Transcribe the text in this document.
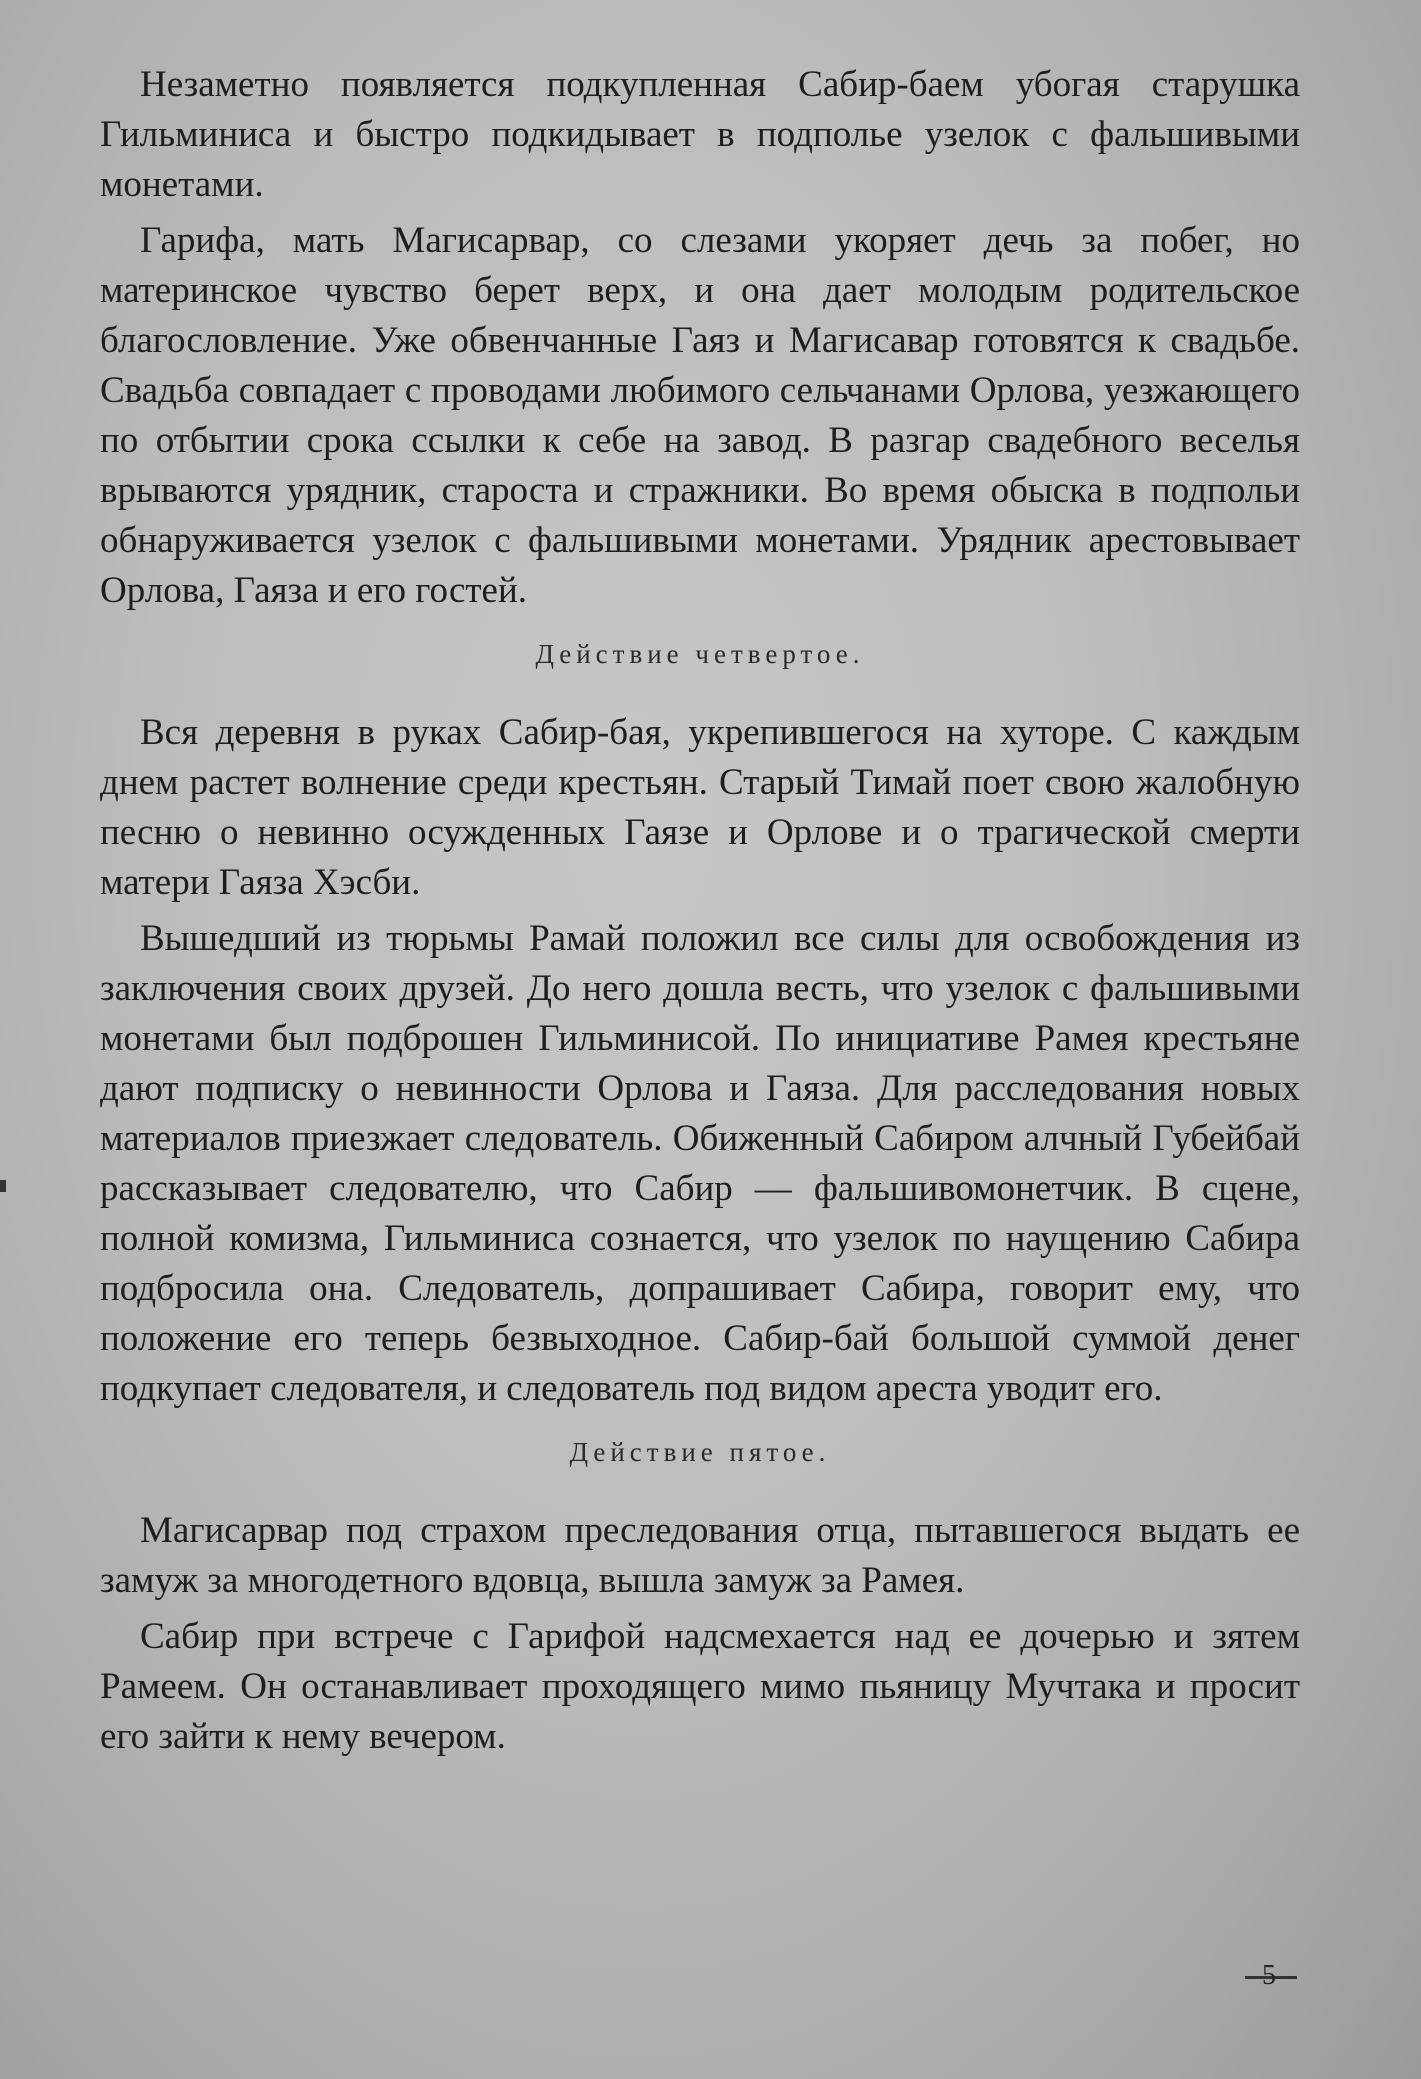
Незаметно появляется подкупленная Сабир-баем убогая старушка Гильминиса и быстро подкидывает в подполье узелок с фальшивыми монетами.

Гарифа, мать Магисарвар, со слезами укоряет дечь за побег, но материнское чувство берет верх, и она дает молодым родительское благословление. Уже обвенчанные Гаяз и Магисавар готовятся к свадьбе. Свадьба совпадает с проводами любимого сельчанами Орлова, уезжающего по отбытии срока ссылки к себе на завод. В разгар свадебного веселья врываются урядник, староста и стражники. Во время обыска в подпольи обнаруживается узелок с фальшивыми монетами. Урядник арестовывает Орлова, Гаяза и его гостей.

Действие четвертое.

Вся деревня в руках Сабир-бая, укрепившегося на хуторе. С каждым днем растет волнение среди крестьян. Старый Тимай поет свою жалобную песню о невинно осужденных Гаязе и Орлове и о трагической смерти матери Гаяза Хэсби.

Вышедший из тюрьмы Рамай положил все силы для освобождения из заключения своих друзей. До него дошла весть, что узелок с фальшивыми монетами был подброшен Гильминисой. По инициативе Рамея крестьяне дают подписку о невинности Орлова и Гаяза. Для расследования новых материалов приезжает следователь. Обиженный Сабиром алчный Губейбай рассказывает следователю, что Сабир — фальшивомонетчик. В сцене, полной комизма, Гильминиса сознается, что узелок по наущению Сабира подбросила она. Следователь, допрашивает Сабира, говорит ему, что положение его теперь безвыходное. Сабир-бай большой суммой денег подкупает следователя, и следователь под видом ареста уводит его.

Действие пятое.

Магисарвар под страхом преследования отца, пытавшегося выдать ее замуж за многодетного вдовца, вышла замуж за Рамея.

Сабир при встрече с Гарифой надсмехается над ее дочерью и зятем Рамеем. Он останавливает проходящего мимо пьяницу Мучтака и просит его зайти к нему вечером.

5
